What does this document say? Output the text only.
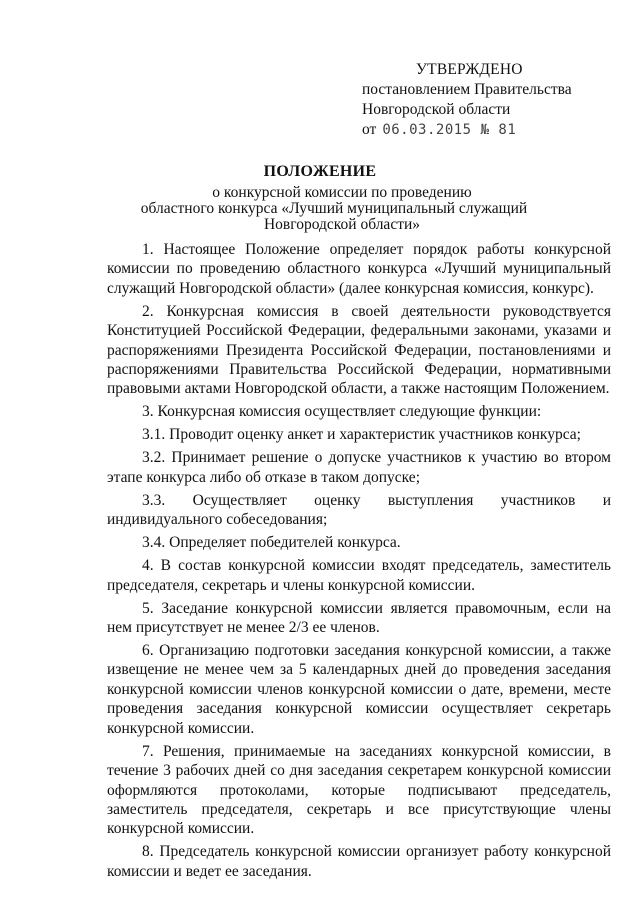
УТВЕРЖДЕНО
постановлением Правительства
Новгородской области
от 06.03.2015 № 81
ПОЛОЖЕНИЕ
о конкурсной комиссии по проведению
областного конкурса «Лучший муниципальный служащий
Новгородской области»

1. Настоящее Положение определяет порядок работы конкурсной комиссии по проведению областного конкурса «Лучший муниципальный служащий Новгородской области» (далее конкурсная комиссия, конкурс).

2. Конкурсная комиссия в своей деятельности руководствуется Конституцией Российской Федерации, федеральными законами, указами и распоряжениями Президента Российской Федерации, постановлениями и распоряжениями Правительства Российской Федерации, нормативными правовыми актами Новгородской области, а также настоящим Положением.

3. Конкурсная комиссия осуществляет следующие функции:

3.1. Проводит оценку анкет и характеристик участников конкурса;

3.2. Принимает решение о допуске участников к участию во втором этапе конкурса либо об отказе в таком допуске;

3.3. Осуществляет оценку выступления участников и индивидуального собеседования;

3.4. Определяет победителей конкурса.

4. В состав конкурсной комиссии входят председатель, заместитель председателя, секретарь и члены конкурсной комиссии.

5. Заседание конкурсной комиссии является правомочным, если на нем присутствует не менее 2/3 ее членов.

6. Организацию подготовки заседания конкурсной комиссии, а также извещение не менее чем за 5 календарных дней до проведения заседания конкурсной комиссии членов конкурсной комиссии о дате, времени, месте проведения заседания конкурсной комиссии осуществляет секретарь конкурсной комиссии.

7. Решения, принимаемые на заседаниях конкурсной комиссии, в течение 3 рабочих дней со дня заседания секретарем конкурсной комиссии оформляются протоколами, которые подписывают председатель, заместитель председателя, секретарь и все присутствующие члены конкурсной комиссии.

8. Председатель конкурсной комиссии организует работу конкурсной комиссии и ведет ее заседания.
